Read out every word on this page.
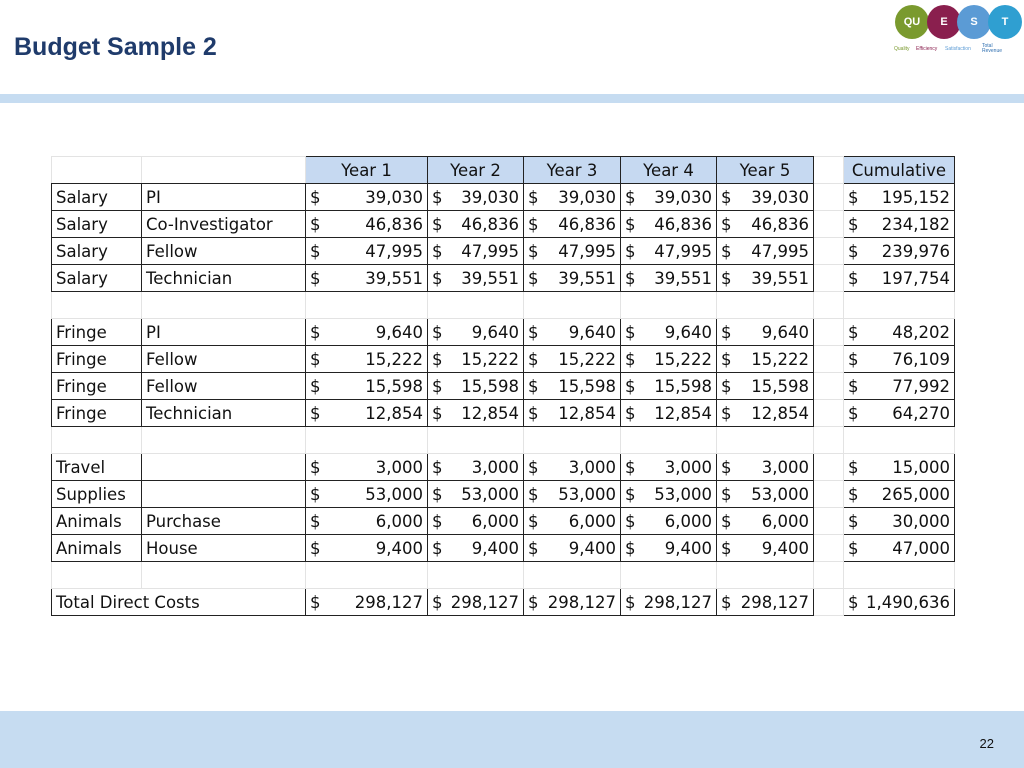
Budget Sample 2
QU	E	S	T
Quality Efficiency Satisfaction Total Revenue
		Year 1	Year 2	Year 3	Year 4	Year 5		Cumulative
Salary	PI	$ 39,030	$ 39,030	$ 39,030	$ 39,030	$ 39,030		$ 195,152

Salary	Co-Investigator	$ 46,836	$ 46,836	$ 46,836	$ 46,836	$ 46,836		$ 234,182

Salary	Fellow	$ 47,995	$ 47,995	$ 47,995	$ 47,995	$ 47,995		$ 239,976

Salary	Technician	$ 39,551	$ 39,551	$ 39,551	$ 39,551	$ 39,551		$ 197,754

Fringe	PI	$ 9,640	$ 9,640	$ 9,640	$ 9,640	$ 9,640		$ 48,202

Fringe	Fellow	$ 15,222	$ 15,222	$ 15,222	$ 15,222	$ 15,222		$ 76,109

Fringe	Fellow	$ 15,598	$ 15,598	$ 15,598	$ 15,598	$ 15,598		$ 77,992

Fringe	Technician	$ 12,854	$ 12,854	$ 12,854	$ 12,854	$ 12,854		$ 64,270

Travel		$ 3,000	$ 3,000	$ 3,000	$ 3,000	$ 3,000		$ 15,000

Supplies		$ 53,000	$ 53,000	$ 53,000	$ 53,000	$ 53,000		$ 265,000

Animals	Purchase	$ 6,000	$ 6,000	$ 6,000	$ 6,000	$ 6,000		$ 30,000

Animals	House	$ 9,400	$ 9,400	$ 9,400	$ 9,400	$ 9,400		$ 47,000

Total Direct Costs		$ 298,127	$ 298,127	$ 298,127	$ 298,127	$ 298,127		$ 1,490,636
22
